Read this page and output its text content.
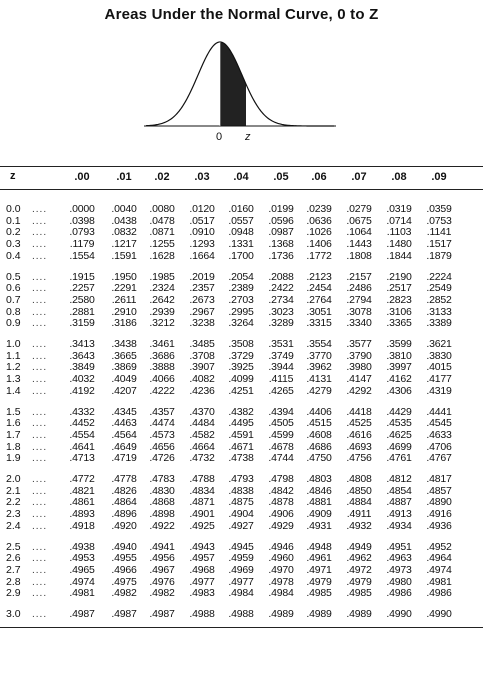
Areas Under the Normal Curve, 0 to Z
0 z
z	.00	.01	.02	.03	.04	.05	.06	.07	.08	.09
0.0 ....	.0000	.0040	.0080	.0120	.0160	.0199	.0239	.0279	.0319	.0359
0.1 ....	.0398	.0438	.0478	.0517	.0557	.0596	.0636	.0675	.0714	.0753
0.2 ....	.0793	.0832	.0871	.0910	.0948	.0987	.1026	.1064	.1103	.1141
0.3 ....	.1179	.1217	.1255	.1293	.1331	.1368	.1406	.1443	.1480	.1517
0.4 ....	.1554	.1591	.1628	.1664	.1700	.1736	.1772	.1808	.1844	.1879
0.5 ....	.1915	.1950	.1985	.2019	.2054	.2088	.2123	.2157	.2190	.2224
0.6 ....	.2257	.2291	.2324	.2357	.2389	.2422	.2454	.2486	.2517	.2549
0.7 ....	.2580	.2611	.2642	.2673	.2703	.2734	.2764	.2794	.2823	.2852
0.8 ....	.2881	.2910	.2939	.2967	.2995	.3023	.3051	.3078	.3106	.3133
0.9 ....	.3159	.3186	.3212	.3238	.3264	.3289	.3315	.3340	.3365	.3389
1.0 ....	.3413	.3438	.3461	.3485	.3508	.3531	.3554	.3577	.3599	.3621
1.1 ....	.3643	.3665	.3686	.3708	.3729	.3749	.3770	.3790	.3810	.3830
1.2 ....	.3849	.3869	.3888	.3907	.3925	.3944	.3962	.3980	.3997	.4015
1.3 ....	.4032	.4049	.4066	.4082	.4099	.4115	.4131	.4147	.4162	.4177
1.4 ....	.4192	.4207	.4222	.4236	.4251	.4265	.4279	.4292	.4306	.4319
1.5 ....	.4332	.4345	.4357	.4370	.4382	.4394	.4406	.4418	.4429	.4441
1.6 ....	.4452	.4463	.4474	.4484	.4495	.4505	.4515	.4525	.4535	.4545
1.7 ....	.4554	.4564	.4573	.4582	.4591	.4599	.4608	.4616	.4625	.4633
1.8 ....	.4641	.4649	.4656	.4664	.4671	.4678	.4686	.4693	.4699	.4706
1.9 ....	.4713	.4719	.4726	.4732	.4738	.4744	.4750	.4756	.4761	.4767
2.0 ....	.4772	.4778	.4783	.4788	.4793	.4798	.4803	.4808	.4812	.4817
2.1 ....	.4821	.4826	.4830	.4834	.4838	.4842	.4846	.4850	.4854	.4857
2.2 ....	.4861	.4864	.4868	.4871	.4875	.4878	.4881	.4884	.4887	.4890
2.3 ....	.4893	.4896	.4898	.4901	.4904	.4906	.4909	.4911	.4913	.4916
2.4 ....	.4918	.4920	.4922	.4925	.4927	.4929	.4931	.4932	.4934	.4936
2.5 ....	.4938	.4940	.4941	.4943	.4945	.4946	.4948	.4949	.4951	.4952
2.6 ....	.4953	.4955	.4956	.4957	.4959	.4960	.4961	.4962	.4963	.4964
2.7 ....	.4965	.4966	.4967	.4968	.4969	.4970	.4971	.4972	.4973	.4974
2.8 ....	.4974	.4975	.4976	.4977	.4977	.4978	.4979	.4979	.4980	.4981
2.9 ....	.4981	.4982	.4982	.4983	.4984	.4984	.4985	.4985	.4986	.4986
3.0 ....	.4987	.4987	.4987	.4988	.4988	.4989	.4989	.4989	.4990	.4990
